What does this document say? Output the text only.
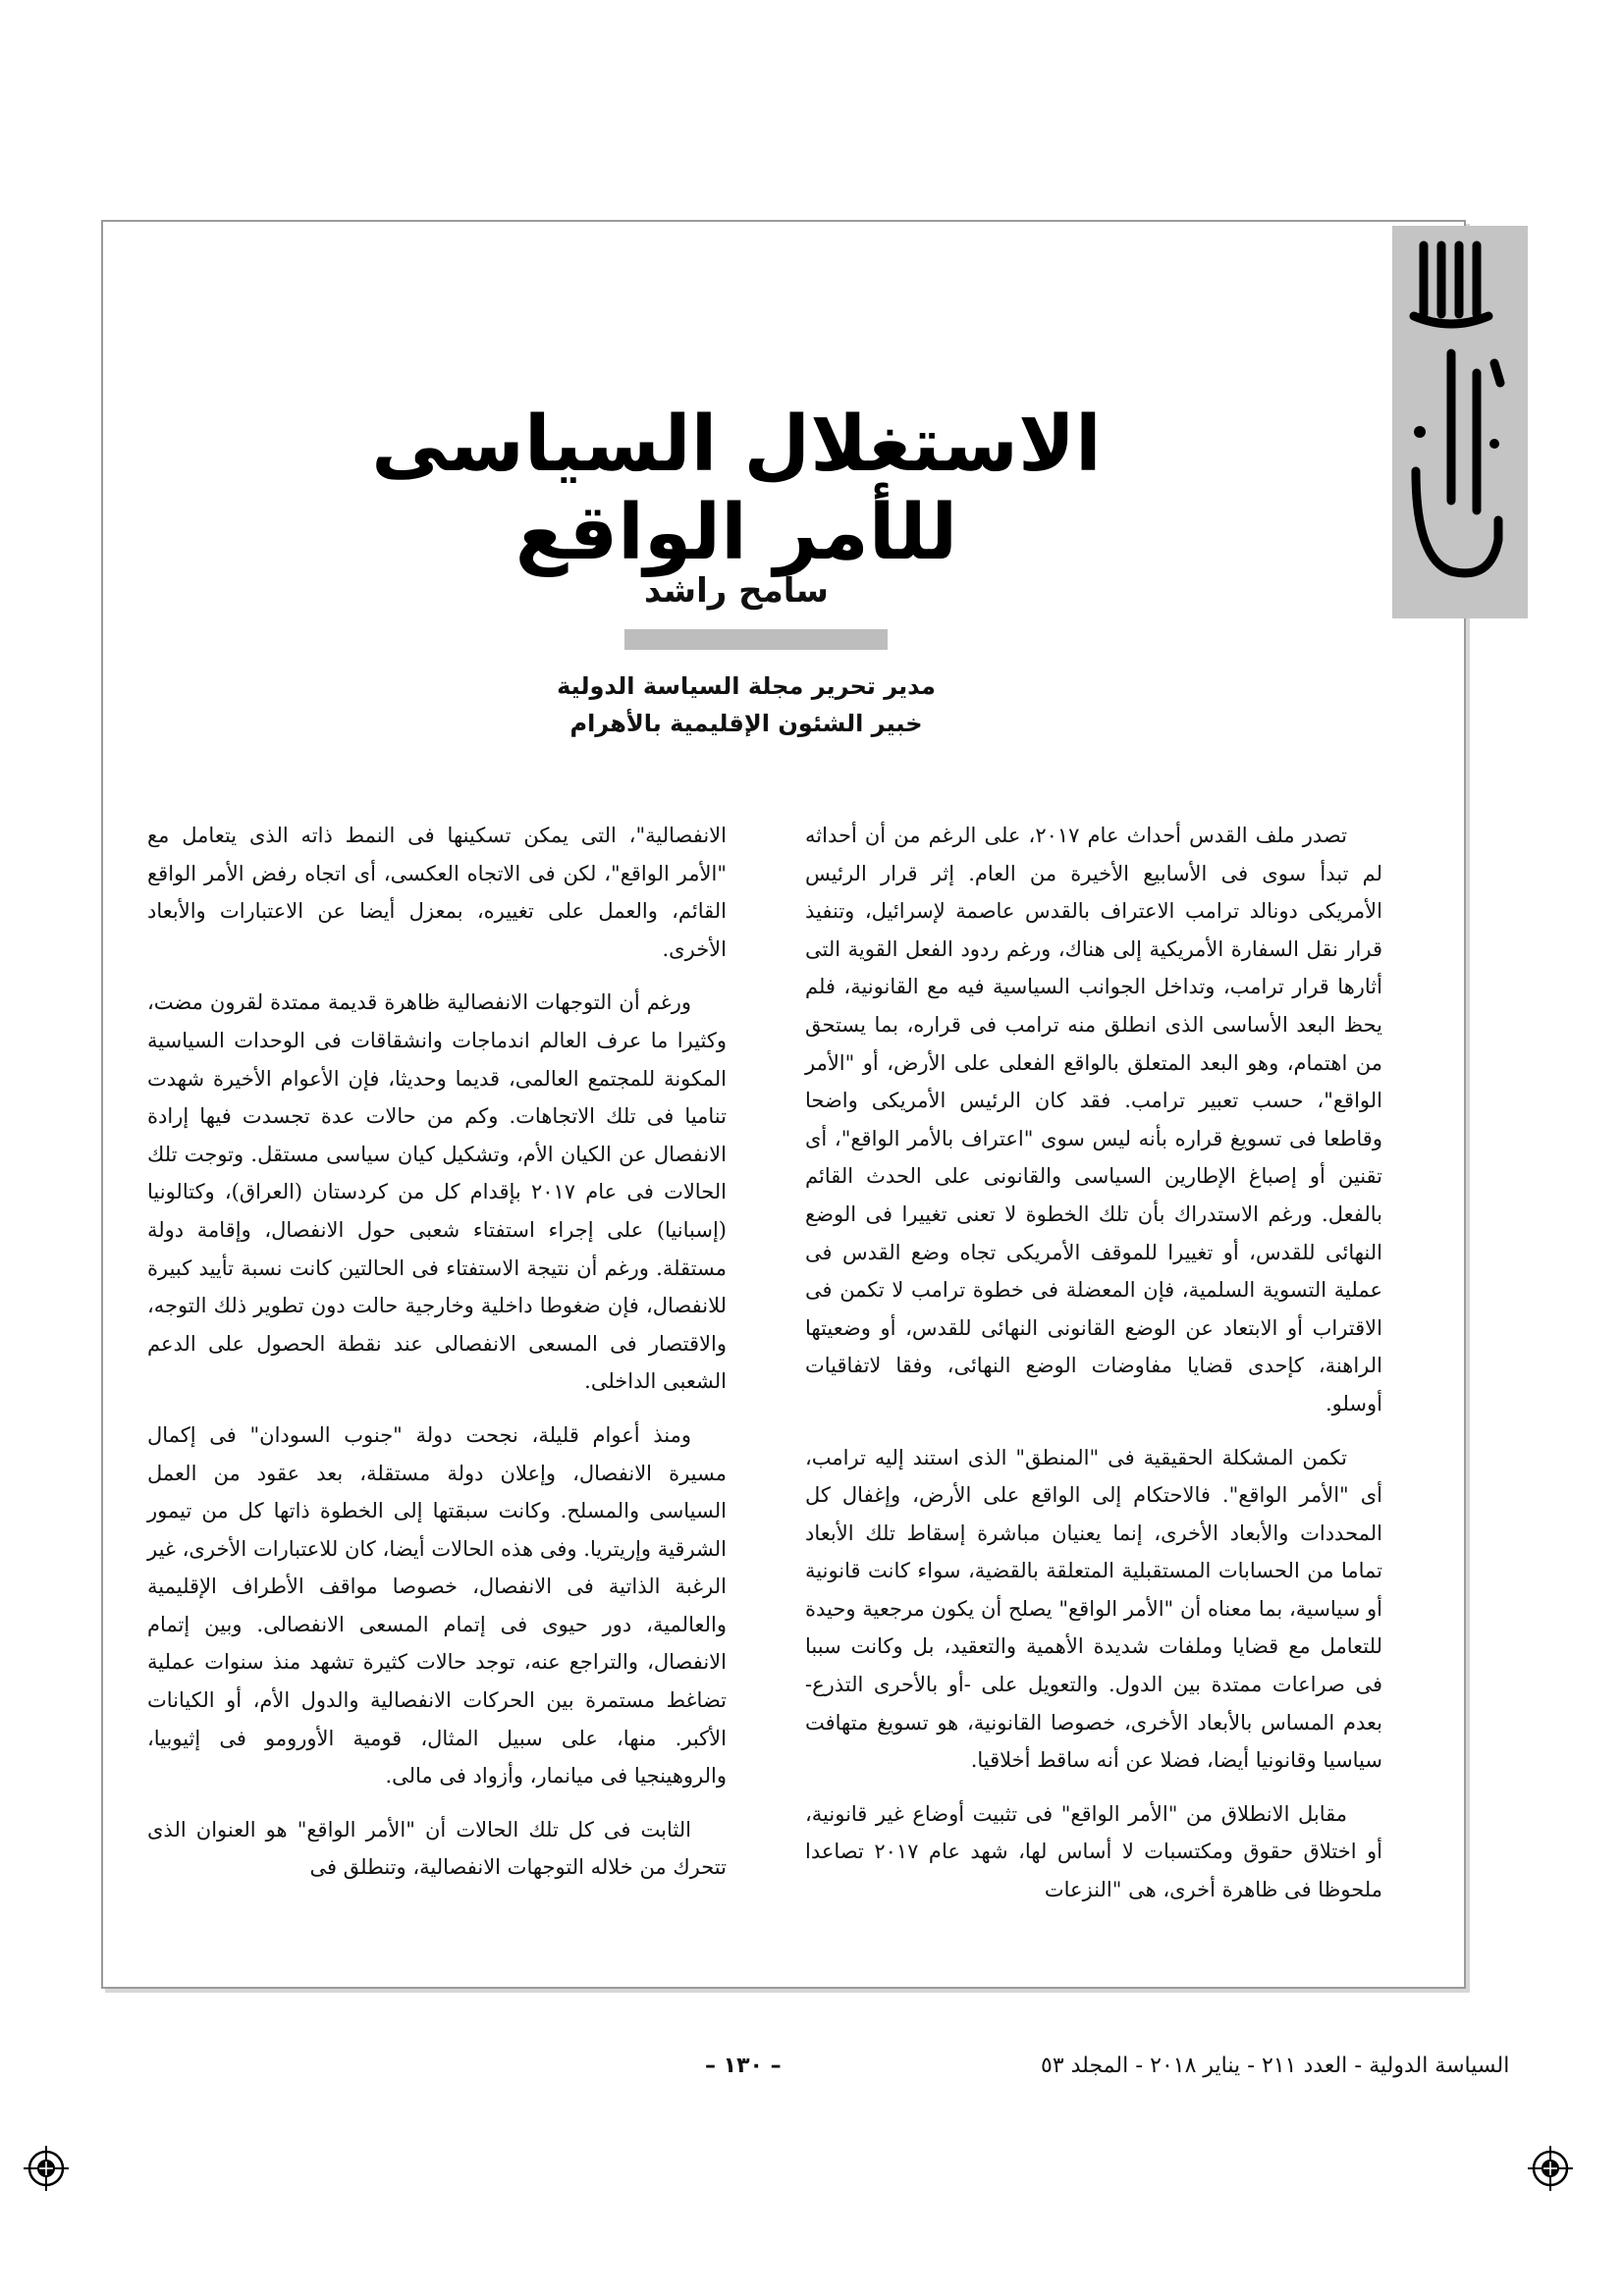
الاستغلال السياسى للأمر الواقع
سامح راشد
مدير تحرير مجلة السياسة الدولية
خبير الشئون الإقليمية بالأهرام

تصدر ملف القدس أحداث عام ٢٠١٧، على الرغم من أن أحداثه لم تبدأ سوى فى الأسابيع الأخيرة من العام. إثر قرار الرئيس الأمريكى دونالد ترامب الاعتراف بالقدس عاصمة لإسرائيل، وتنفيذ قرار نقل السفارة الأمريكية إلى هناك، ورغم ردود الفعل القوية التى أثارها قرار ترامب، وتداخل الجوانب السياسية فيه مع القانونية، فلم يحظ البعد الأساسى الذى انطلق منه ترامب فى قراره، بما يستحق من اهتمام، وهو البعد المتعلق بالواقع الفعلى على الأرض، أو "الأمر الواقع"، حسب تعبير ترامب. فقد كان الرئيس الأمريكى واضحا وقاطعا فى تسويغ قراره بأنه ليس سوى "اعتراف بالأمر الواقع"، أى تقنين أو إصباغ الإطارين السياسى والقانونى على الحدث القائم بالفعل. ورغم الاستدراك بأن تلك الخطوة لا تعنى تغييرا فى الوضع النهائى للقدس، أو تغييرا للموقف الأمريكى تجاه وضع القدس فى عملية التسوية السلمية، فإن المعضلة فى خطوة ترامب لا تكمن فى الاقتراب أو الابتعاد عن الوضع القانونى النهائى للقدس، أو وضعيتها الراهنة، كإحدى قضايا مفاوضات الوضع النهائى، وفقا لاتفاقيات أوسلو.

تكمن المشكلة الحقيقية فى "المنطق" الذى استند إليه ترامب، أى "الأمر الواقع". فالاحتكام إلى الواقع على الأرض، وإغفال كل المحددات والأبعاد الأخرى، إنما يعنيان مباشرة إسقاط تلك الأبعاد تماما من الحسابات المستقبلية المتعلقة بالقضية، سواء كانت قانونية أو سياسية، بما معناه أن "الأمر الواقع" يصلح أن يكون مرجعية وحيدة للتعامل مع قضايا وملفات شديدة الأهمية والتعقيد، بل وكانت سببا فى صراعات ممتدة بين الدول. والتعويل على -أو بالأحرى التذرع- بعدم المساس بالأبعاد الأخرى، خصوصا القانونية، هو تسويغ متهافت سياسيا وقانونيا أيضا، فضلا عن أنه ساقط أخلاقيا.

مقابل الانطلاق من "الأمر الواقع" فى تثبيت أوضاع غير قانونية، أو اختلاق حقوق ومكتسبات لا أساس لها، شهد عام ٢٠١٧ تصاعدا ملحوظا فى ظاهرة أخرى، هى "النزعات

الانفصالية"، التى يمكن تسكينها فى النمط ذاته الذى يتعامل مع "الأمر الواقع"، لكن فى الاتجاه العكسى، أى اتجاه رفض الأمر الواقع القائم، والعمل على تغييره، بمعزل أيضا عن الاعتبارات والأبعاد الأخرى.

ورغم أن التوجهات الانفصالية ظاهرة قديمة ممتدة لقرون مضت، وكثيرا ما عرف العالم اندماجات وانشقاقات فى الوحدات السياسية المكونة للمجتمع العالمى، قديما وحديثا، فإن الأعوام الأخيرة شهدت تناميا فى تلك الاتجاهات. وكم من حالات عدة تجسدت فيها إرادة الانفصال عن الكيان الأم، وتشكيل كيان سياسى مستقل. وتوجت تلك الحالات فى عام ٢٠١٧ بإقدام كل من كردستان (العراق)، وكتالونيا (إسبانيا) على إجراء استفتاء شعبى حول الانفصال، وإقامة دولة مستقلة. ورغم أن نتيجة الاستفتاء فى الحالتين كانت نسبة تأييد كبيرة للانفصال، فإن ضغوطا داخلية وخارجية حالت دون تطوير ذلك التوجه، والاقتصار فى المسعى الانفصالى عند نقطة الحصول على الدعم الشعبى الداخلى.

ومنذ أعوام قليلة، نجحت دولة "جنوب السودان" فى إكمال مسيرة الانفصال، وإعلان دولة مستقلة، بعد عقود من العمل السياسى والمسلح. وكانت سبقتها إلى الخطوة ذاتها كل من تيمور الشرقية وإريتريا. وفى هذه الحالات أيضا، كان للاعتبارات الأخرى، غير الرغبة الذاتية فى الانفصال، خصوصا مواقف الأطراف الإقليمية والعالمية، دور حيوى فى إتمام المسعى الانفصالى. وبين إتمام الانفصال، والتراجع عنه، توجد حالات كثيرة تشهد منذ سنوات عملية تضاغط مستمرة بين الحركات الانفصالية والدول الأم، أو الكيانات الأكبر. منها، على سبيل المثال، قومية الأورومو فى إثيوبيا، والروهينجيا فى ميانمار، وأزواد فى مالى.

الثابت فى كل تلك الحالات أن "الأمر الواقع" هو العنوان الذى تتحرك من خلاله التوجهات الانفصالية، وتنطلق فى

– ١٣٠ –	السياسة الدولية - العدد ٢١١ - يناير ٢٠١٨ - المجلد ٥٣
